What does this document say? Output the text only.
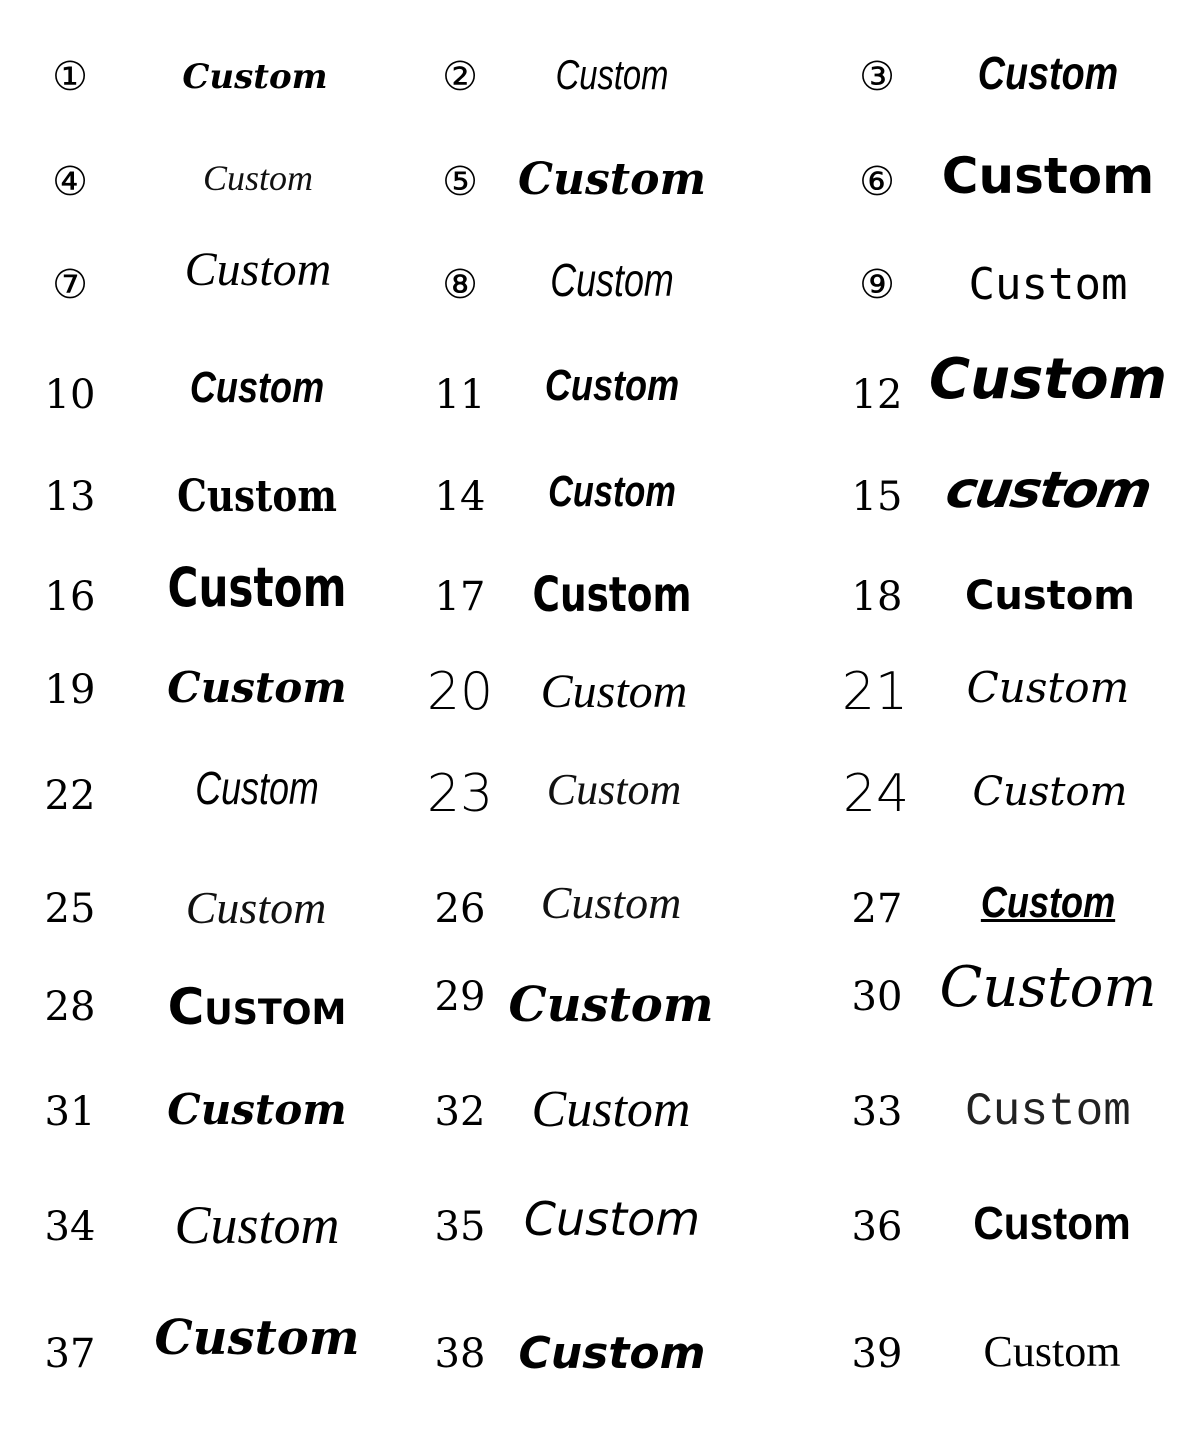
①	Custom	② Custom	③ Custom
④	Custom	⑤ Custom	⑥ Custom
⑦ Custom	⑧ Custom	⑨ Custom
10 Custom	11 Custom	12 Custom
13 Custom 14 Custom	15 custom
16 Custom 17 Custom	18 Custom
19 Custom 20 Custom	21 Custom
22 Custom 23 Custom	24 Custom
25 Custom	26 Custom	27 Custom
28 Custom 29 Custom	30 Custom
31 Custom 32 Custom	33 Custom
34 Custom 35 Custom	36 Custom
37 Custom 38 Custom	39 Custom
